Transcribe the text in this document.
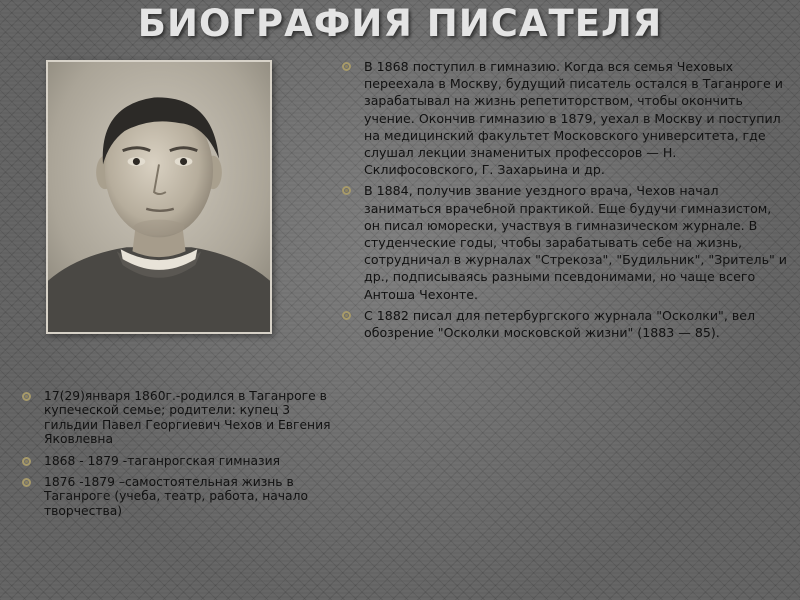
БИОГРАФИЯ ПИСАТЕЛЯ
17(29)января 1860г.-родился в Таганроге в купеческой семье; родители: купец 3 гильдии Павел Георгиевич Чехов и Евгения Яковлевна
1868 - 1879 -таганрогская гимназия
1876 -1879 –самостоятельная жизнь в Таганроге (учеба, театр, работа, начало творчества)
В 1868 поступил в гимназию. Когда вся семья Чеховых переехала в Москву, будущий писатель остался в Таганроге и зарабатывал на жизнь репетиторством, чтобы окончить учение. Окончив гимназию в 1879, уехал в Москву и поступил на медицинский факультет Московского университета, где слушал лекции знаменитых профессоров — Н. Склифосовского, Г. Захарьина и др.
В 1884, получив звание уездного врача, Чехов начал заниматься врачебной практикой. Еще будучи гимназистом, он писал юморески, участвуя в гимназическом журнале. В студенческие годы, чтобы зарабатывать себе на жизнь, сотрудничал в журналах "Стрекоза", "Будильник", "Зритель" и др., подписываясь разными псевдонимами, но чаще всего Антоша Чехонте.
С 1882 писал для петербургского журнала "Осколки", вел обозрение "Осколки московской жизни" (1883 — 85).
